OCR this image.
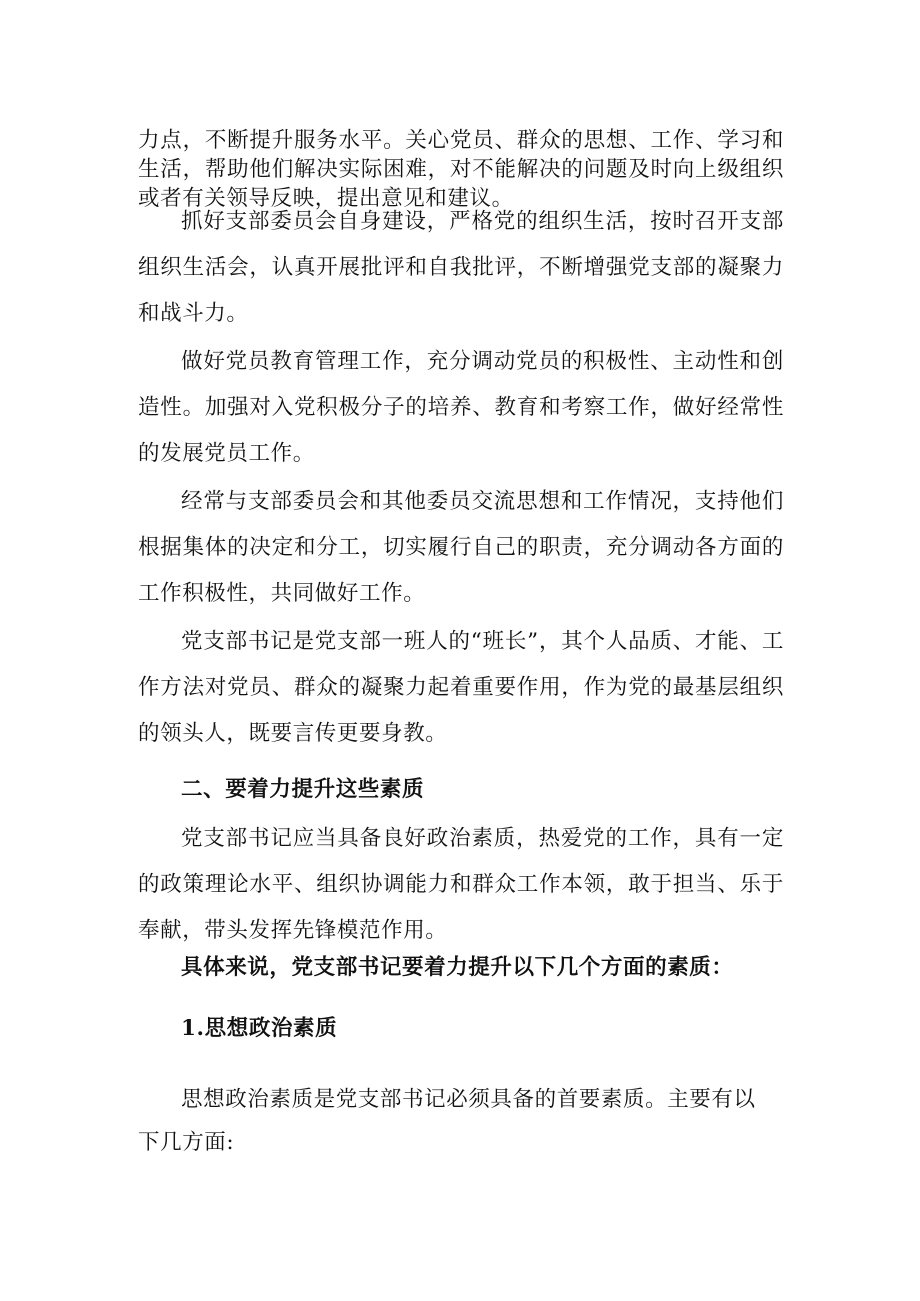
力点，不断提升服务水平。关心党员、群众的思想、工作、学习和生活，帮助他们解决实际困难，对不能解决的问题及时向上级组织或者有关领导反映，提出意见和建议。

抓好支部委员会自身建设，严格党的组织生活，按时召开支部组织生活会，认真开展批评和自我批评，不断增强党支部的凝聚力和战斗力。

做好党员教育管理工作，充分调动党员的积极性、主动性和创造性。加强对入党积极分子的培养、教育和考察工作，做好经常性的发展党员工作。

经常与支部委员会和其他委员交流思想和工作情况，支持他们根据集体的决定和分工，切实履行自己的职责，充分调动各方面的工作积极性，共同做好工作。

党支部书记是党支部一班人的“班长”，其个人品质、才能、工作方法对党员、群众的凝聚力起着重要作用，作为党的最基层组织的领头人，既要言传更要身教。

二、要着力提升这些素质

党支部书记应当具备良好政治素质，热爱党的工作，具有一定的政策理论水平、组织协调能力和群众工作本领，敢于担当、乐于奉献，带头发挥先锋模范作用。

具体来说，党支部书记要着力提升以下几个方面的素质：

1.思想政治素质

思想政治素质是党支部书记必须具备的首要素质。主要有以

下几方面:
